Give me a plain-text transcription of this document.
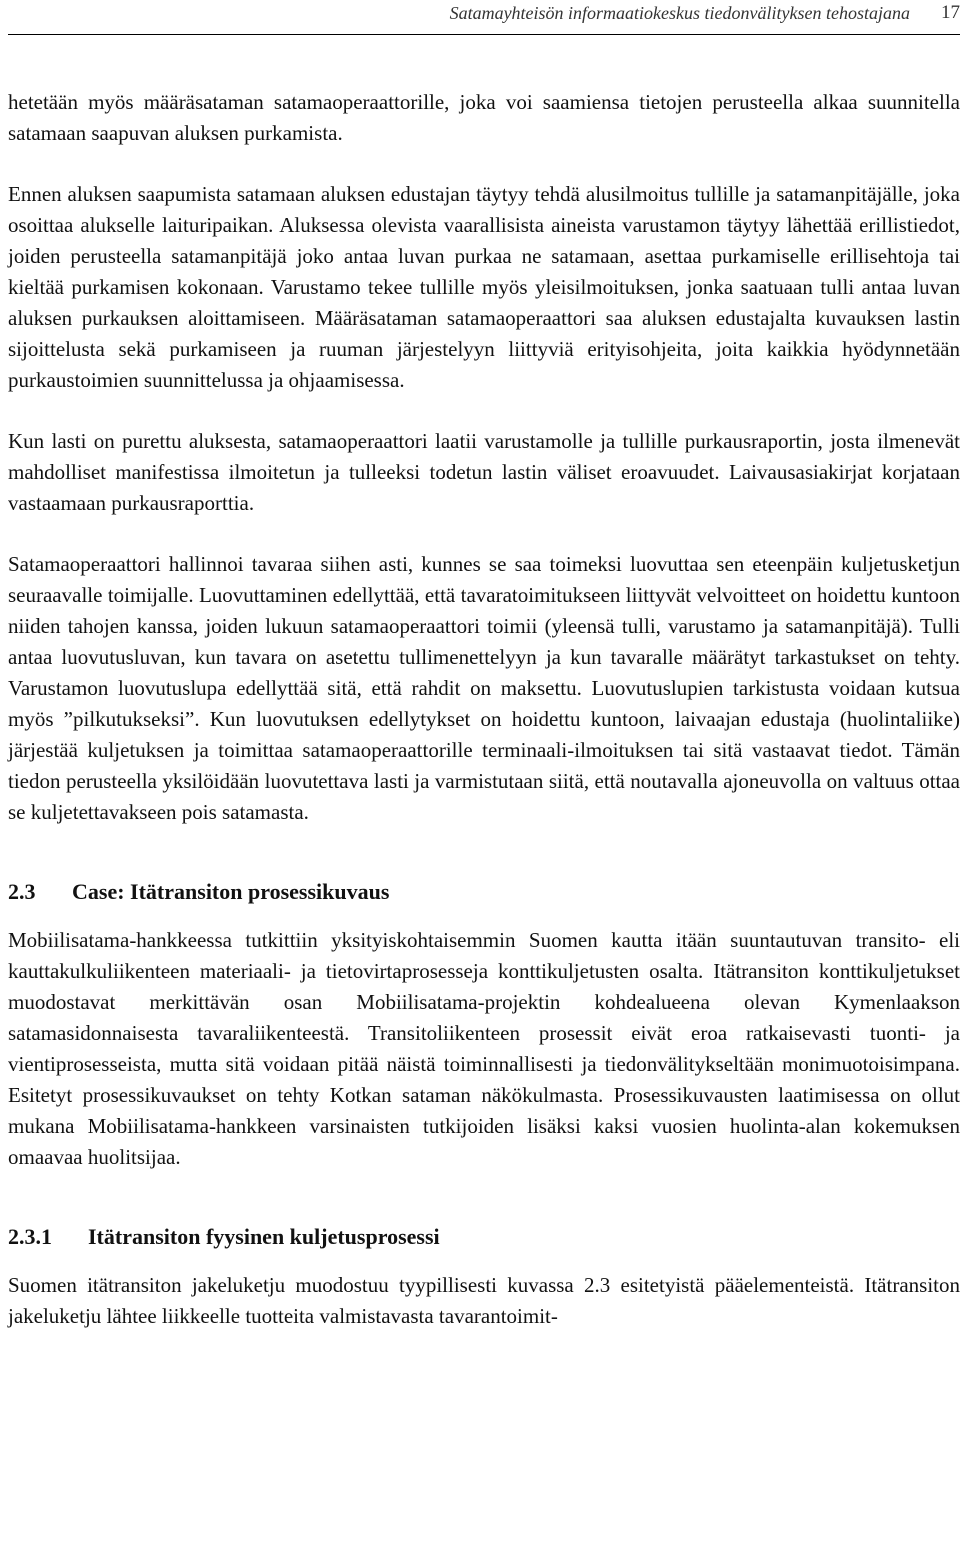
Satamayhteisön informaatiokeskus tiedonvälityksen tehostajana 17

hetetään myös määräsataman satamaoperaattorille, joka voi saamiensa tietojen perusteella alkaa suunnitella satamaan saapuvan aluksen purkamista.

Ennen aluksen saapumista satamaan aluksen edustajan täytyy tehdä alusilmoitus tullille ja satamanpitäjälle, joka osoittaa alukselle laituripaikan. Aluksessa olevista vaarallisista aineista varustamon täytyy lähettää erillistiedot, joiden perusteella satamanpitäjä joko antaa luvan purkaa ne satamaan, asettaa purkamiselle erillisehtoja tai kieltää purkamisen kokonaan. Varustamo tekee tullille myös yleisilmoituksen, jonka saatuaan tulli antaa luvan aluksen purkauksen aloittamiseen. Määräsataman satamaoperaattori saa aluksen edustajalta kuvauksen lastin sijoittelusta sekä purkamiseen ja ruuman järjestelyyn liittyviä erityisohjeita, joita kaikkia hyödynnetään purkaustoimien suunnittelussa ja ohjaamisessa.

Kun lasti on purettu aluksesta, satamaoperaattori laatii varustamolle ja tullille purkausraportin, josta ilmenevät mahdolliset manifestissa ilmoitetun ja tulleeksi todetun lastin väliset eroavuudet. Laivausasiakirjat korjataan vastaamaan purkausraporttia.

Satamaoperaattori hallinnoi tavaraa siihen asti, kunnes se saa toimeksi luovuttaa sen eteenpäin kuljetusketjun seuraavalle toimijalle. Luovuttaminen edellyttää, että tavaratoimitukseen liittyvät velvoitteet on hoidettu kuntoon niiden tahojen kanssa, joiden lukuun satamaoperaattori toimii (yleensä tulli, varustamo ja satamanpitäjä). Tulli antaa luovutusluvan, kun tavara on asetettu tullimenettelyyn ja kun tavaralle määrätyt tarkastukset on tehty. Varustamon luovutuslupa edellyttää sitä, että rahdit on maksettu. Luovutuslupien tarkistusta voidaan kutsua myös ”pilkutukseksi”. Kun luovutuksen edellytykset on hoidettu kuntoon, laivaajan edustaja (huolintaliike) järjestää kuljetuksen ja toimittaa satamaoperaattorille terminaali-ilmoituksen tai sitä vastaavat tiedot. Tämän tiedon perusteella yksilöidään luovutettava lasti ja varmistutaan siitä, että noutavalla ajoneuvolla on valtuus ottaa se kuljetettavakseen pois satamasta.

2.3 Case: Itätransiton prosessikuvaus

Mobiilisatama-hankkeessa tutkittiin yksityiskohtaisemmin Suomen kautta itään suuntautuvan transito- eli kauttakulkuliikenteen materiaali- ja tietovirtaprosesseja konttikuljetusten osalta. Itätransiton konttikuljetukset muodostavat merkittävän osan Mobiilisatama-projektin kohdealueena olevan Kymenlaakson satamasidonnaisesta tavaraliikenteestä. Transitoliikenteen prosessit eivät eroa ratkaisevasti tuonti- ja vientiprosesseista, mutta sitä voidaan pitää näistä toiminnallisesti ja tiedonvälitykseltään monimuotoisimpana. Esitetyt prosessikuvaukset on tehty Kotkan sataman näkökulmasta. Prosessikuvausten laatimisessa on ollut mukana Mobiilisatama-hankkeen varsinaisten tutkijoiden lisäksi kaksi vuosien huolinta-alan kokemuksen omaavaa huolitsijaa.

2.3.1 Itätransiton fyysinen kuljetusprosessi

Suomen itätransiton jakeluketju muodostuu tyypillisesti kuvassa 2.3 esitetyistä pääelementeistä. Itätransiton jakeluketju lähtee liikkeelle tuotteita valmistavasta tavarantoimit-
